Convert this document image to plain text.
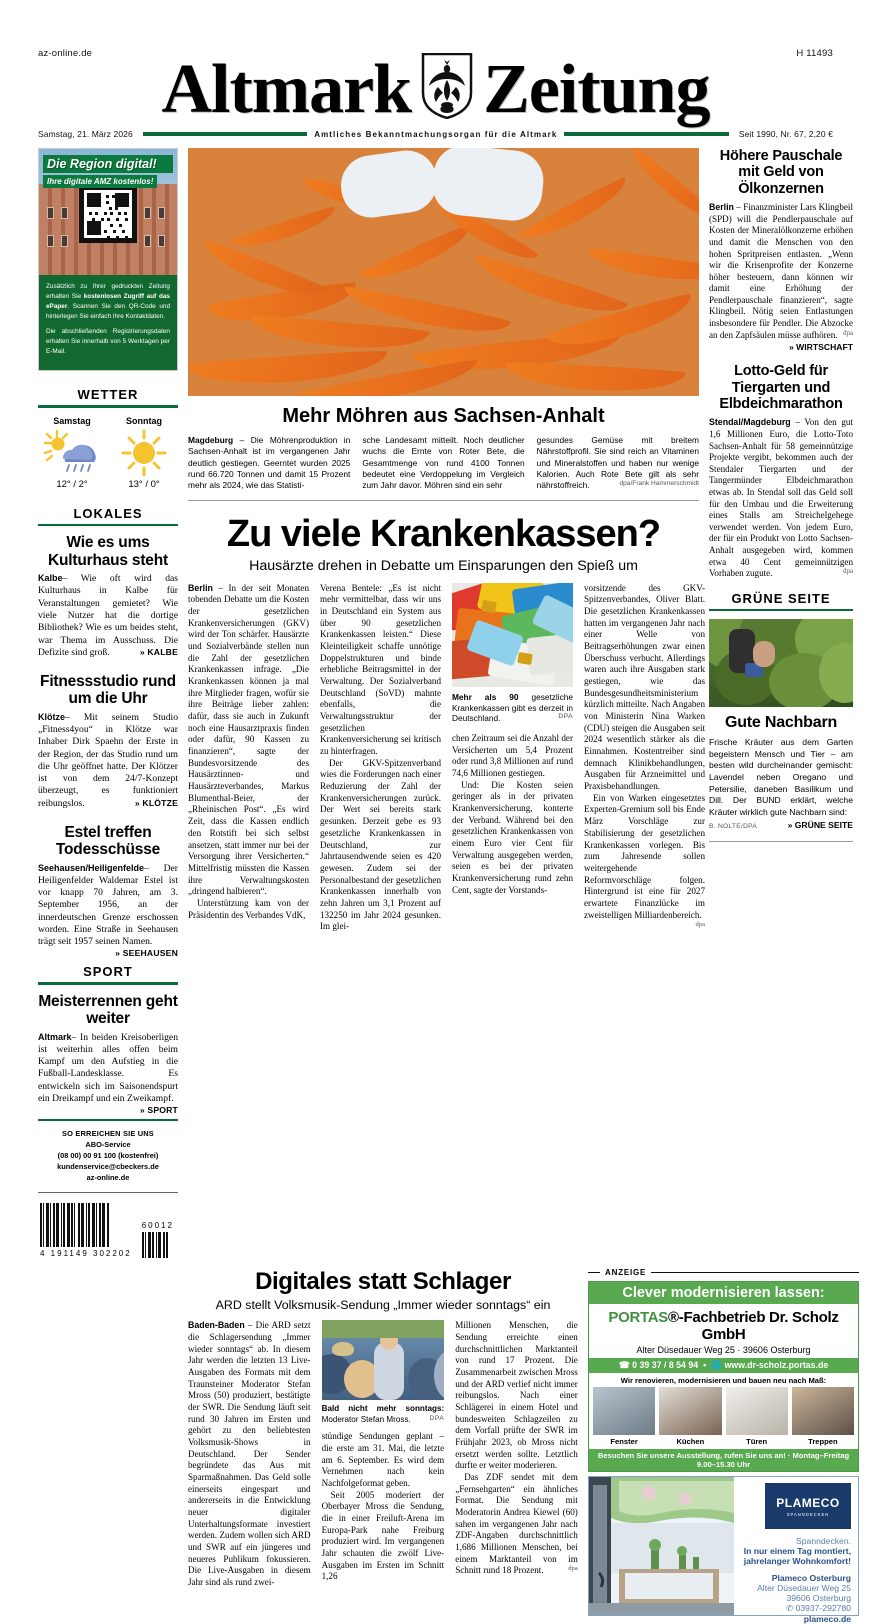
az-online.de	H 11493
Altmark Zeitung
Samstag, 21. März 2026	Amtliches Bekanntmachungsorgan für die Altmark	Seit 1990, Nr. 67, 2,20 €
Die Region digital!
Ihre digitale AMZ kostenlos!

Zusätzlich zu Ihrer gedruckten Zeitung erhalten Sie kostenlosen Zugriff auf das ePaper. Scannen Sie den QR-Code und hinterlegen Sie einfach Ihre Kontaktdaten.

Die abschließenden Registrierungsdaten erhalten Sie innerhalb von 5 Werktagen per E-Mail.

WETTER
Samstag
12° / 2°
Sonntag
13° / 0°
LOKALES
Wie es ums Kulturhaus steht

Kalbe– Wie oft wird das Kulturhaus in Kalbe für Veranstaltungen gemietet? Wie viele Nutzer hat die dortige Bibliothek? Wie es um beides steht, war Thema im Ausschuss. Die Defizite sind groß.	» KALBE

Fitnessstudio rund um die Uhr

Klötze– Mit seinem Studio „Fitness4you“ in Klötze war Inhaber Dirk Spaehn der Erste in der Region, der das Studio rund um die Uhr geöffnet hatte. Der Klötzer ist von dem 24/7-Konzept überzeugt, es funktioniert reibungslos.	» KLÖTZE

Estel treffen Todesschüsse

Seehausen/Heiligenfelde– Der Heiligenfelder Waldemar Estel ist vor knapp 70 Jahren, am 3. September 1956, an der innerdeutschen Grenze erschossen worden. Eine Straße in Seehausen trägt seit 1957 seinen Namen.
» SEEHAUSEN

SPORT
Meisterrennen geht weiter

Altmark– In beiden Kreisoberligen ist weiterhin alles offen beim Kampf um den Aufstieg in die Fußball-Landesklasse. Es entwickeln sich im Saisonendspurt ein Dreikampf und ein Zweikampf.
» SPORT

SO ERREICHEN SIE UNS
ABO-Service
(08 00) 00 91 100 (kostenfrei)
kundenservice@cbeckers.de
az-online.de
4 191149 302202
60012
Mehr Möhren aus Sachsen-Anhalt
Magdeburg – Die Möhrenproduktion in Sachsen-Anhalt ist im vergangenen Jahr deutlich gestiegen. Geerntet wurden 2025 rund 66.720 Tonnen und damit 15 Prozent mehr als 2024, wie das Statisti-
sche Landesamt mitteilt. Noch deutlicher wuchs die Ernte von Roter Bete, die Gesamtmenge von rund 4100 Tonnen bedeutet eine Verdoppelung im Vergleich zum Jahr davor. Möhren sind ein sehr
gesundes Gemüse mit breitem Nährstoffprofil. Sie sind reich an Vitaminen und Mineralstoffen und haben nur wenige Kalorien. Auch Rote Bete gilt als sehr nährstoffreich.	dpa/Frank Hammerschmidt
Zu viele Krankenkassen?
Hausärzte drehen in Debatte um Einsparungen den Spieß um

Berlin – In der seit Monaten tobenden Debatte um die Kosten der gesetzlichen Krankenversicherungen (GKV) wird der Ton schärfer. Hausärzte und Sozialverbände stellen nun die Zahl der gesetzlichen Krankenkassen infrage. „Die Krankenkassen können ja mal ihre Mitglieder fragen, wofür sie ihre Beiträge lieber zahlen: dafür, dass sie auch in Zukunft noch eine Hausarztpraxis finden oder dafür, 90 Kassen zu finanzieren“, sagte der Bundesvorsitzende des Hausärztinnen- und Hausärzteverbandes, Markus Blumenthal-Beier, der „Rheinischen Post“. „Es wird Zeit, dass die Kassen endlich den Rotstift bei sich selbst ansetzen, statt immer nur bei der Versorgung ihrer Versicherten.“ Mittelfristig müssten die Kassen ihre Verwaltungskosten „dringend halbieren“.

Unterstützung kam von der Präsidentin des Verbandes VdK,

Verena Bentele: „Es ist nicht mehr vermittelbar, dass wir uns in Deutschland ein System aus über 90 gesetzlichen Krankenkassen leisten.“ Diese Kleinteiligkeit schaffe unnötige Doppelstrukturen und binde erhebliche Beitragsmittel in der Verwaltung. Der Sozialverband Deutschland (SoVD) mahnte ebenfalls, die Verwaltungsstruktur der gesetzlichen Krankenversicherung sei kritisch zu hinterfragen.

Der GKV-Spitzenverband wies die Forderungen nach einer Reduzierung der Zahl der Krankenversicherungen zurück. Der Wert sei bereits stark gesunken. Derzeit gebe es 93 gesetzliche Krankenkassen in Deutschland, zur Jahrtausendwende seien es 420 gewesen. Zudem sei der Personalbestand der gesetzlichen Krankenkassen innerhalb von zehn Jahren um 3,1 Prozent auf 132250 im Jahr 2024 gesunken. Im glei-

Mehr als 90 gesetzliche Krankenkassen gibt es derzeit in Deutschland.	DPA

chen Zeitraum sei die Anzahl der Versicherten um 5,4 Prozent oder rund 3,8 Millionen auf rund 74,6 Millionen gestiegen.

Und: Die Kosten seien geringer als in der privaten Krankenversicherung, konterte der Verband. Während bei den gesetzlichen Krankenkassen von einem Euro vier Cent für Verwaltung ausgegeben werden, seien es bei der privaten Krankenversicherung rund zehn Cent, sagte der Vorstands-

vorsitzende des GKV-Spitzenverbandes, Oliver Blatt. Die gesetzlichen Krankenkassen hatten im vergangenen Jahr nach einer Welle von Beitragserhöhungen zwar einen Überschuss verbucht. Allerdings waren auch ihre Ausgaben stark gestiegen, wie das Bundesgesundheitsministerium kürzlich mitteilte. Nach Angaben von Ministerin Nina Warken (CDU) steigen die Ausgaben seit 2024 wesentlich stärker als die Einnahmen. Kostentreiber sind demnach Klinikbehandlungen, Ausgaben für Arzneimittel und Praxisbehandlungen.

Ein von Warken eingesetztes Experten-Gremium soll bis Ende März Vorschläge zur Stabilisierung der gesetzlichen Krankenkassen vorlegen. Bis zum Jahresende sollen weitergehende Reformvorschläge folgen. Hintergrund ist eine für 2027 erwartete Finanzlücke im zweistelligen Milliardenbereich.
dpa

Höhere Pauschale mit Geld von Ölkonzernen

Berlin – Finanzminister Lars Klingbeil (SPD) will die Pendlerpauschale auf Kosten der Mineralölkonzerne erhöhen und damit die Menschen von den hohen Spritpreisen entlasten. „Wenn wir die Krisenprofite der Konzerne höher besteuern, dann können wir damit eine Erhöhung der Pendlerpauschale finanzieren“, sagte Klingbeil. Nötig seien Entlastungen insbesondere für Pendler. Die Abzocke an den Zapfsäulen müsse aufhören. dpa

» WIRTSCHAFT
Lotto-Geld für Tiergarten und Elbdeichmarathon

Stendal/Magdeburg – Von den gut 1,6 Millionen Euro, die Lotto-Toto Sachsen-Anhalt für 58 gemeinnützige Projekte vergibt, bekommen auch der Stendaler Tiergarten und der Tangermünder Elbdeichmarathon etwas ab. In Stendal soll das Geld soll für den Umbau und die Erweiterung eines Stalls am Streichelgehege verwendet werden. Von jedem Euro, der für ein Produkt von Lotto Sachsen-Anhalt ausgegeben wird, kommen etwa 40 Cent gemeinnützigen Vorhaben zugute.	dpa

GRÜNE SEITE
Gute Nachbarn

Frische Kräuter aus dem Garten begeistern Mensch und Tier – am besten wild durcheinander gemischt: Lavendel neben Oregano und Petersilie, daneben Basilikum und Dill. Der BUND erklärt, welche Kräuter wirklich gute Nachbarn sind:

B. NOLTE/DPA	» GRÜNE SEITE
Digitales statt Schlager
ARD stellt Volksmusik-Sendung „Immer wieder sonntags“ ein

Baden-Baden – Die ARD setzt die Schlagersendung „Immer wieder sonntags“ ab. In diesem Jahr werden die letzten 13 Live-Ausgaben des Formats mit dem Traunsteiner Moderator Stefan Mross (50) produziert, bestätigte der SWR. Die Sendung läuft seit rund 30 Jahren im Ersten und gehört zu den beliebtesten Volksmusik-Shows in Deutschland. Der Sender begründete das Aus mit Sparmaßnahmen. Das Geld solle einerseits eingespart und andererseits in die Entwicklung neuer digitaler Unterhaltungsformate investiert werden. Zudem wollen sich ARD und SWR auf ein jüngeres und neueres Publikum fokussieren. Die Live-Ausgaben in diesem Jahr sind als rund zwei-

Bald nicht mehr sonntags: Moderator Stefan Mross.	DPA

stündige Sendungen geplant – die erste am 31. Mai, die letzte am 6. September. Es wird dem Vernehmen nach kein Nachfolgeformat geben.

Seit 2005 moderiert der Oberbayer Mross die Sendung, die in einer Freiluft-Arena im Europa-Park nahe Freiburg produziert wird. Im vergangenen Jahr schauten die zwölf Live-Ausgaben im Ersten im Schnitt 1,26

Millionen Menschen, die Sendung erreichte einen durchschnittlichen Marktanteil von rund 17 Prozent. Die Zusammenarbeit zwischen Mross und der ARD verlief nicht immer reibungslos. Nach einer Schlägerei in einem Hotel und bundesweiten Schlagzeilen zu dem Vorfall prüfte der SWR im Frühjahr 2023, ob Mross nicht ersetzt werden sollte. Letztlich durfte er weiter moderieren.

Das ZDF sendet mit dem „Fernsehgarten“ ein ähnliches Format. Die Sendung mit Moderatorin Andrea Kiewel (60) sahen im vergangenen Jahr nach ZDF-Angaben durchschnittlich 1,686 Millionen Menschen, bei einem Marktanteil von im Schnitt rund 18 Prozent.	dpa

ANZEIGE
Clever modernisieren lassen:
PORTAS®-Fachbetrieb Dr. Scholz GmbH
Alter Düsedauer Weg 25 · 39606 Osterburg
☎ 0 39 37 / 8 54 94  •  🌐 www.dr-scholz.portas.de
Wir renovieren, modernisieren und bauen neu nach Maß:
Fenster	Küchen	Türen	Treppen
Besuchen Sie unsere Ausstellung, rufen Sie uns an! · Montag–Freitag 9.00–15.30 Uhr
PLAMECO
SPANNDECKEN
Spanndecken.
In nur einem Tag montiert,
jahrelanger Wohnkomfort!
Plameco Osterburg
Alter Düsedauer Weg 25
39606 Osterburg
✆ 03937-292780
plameco.de
